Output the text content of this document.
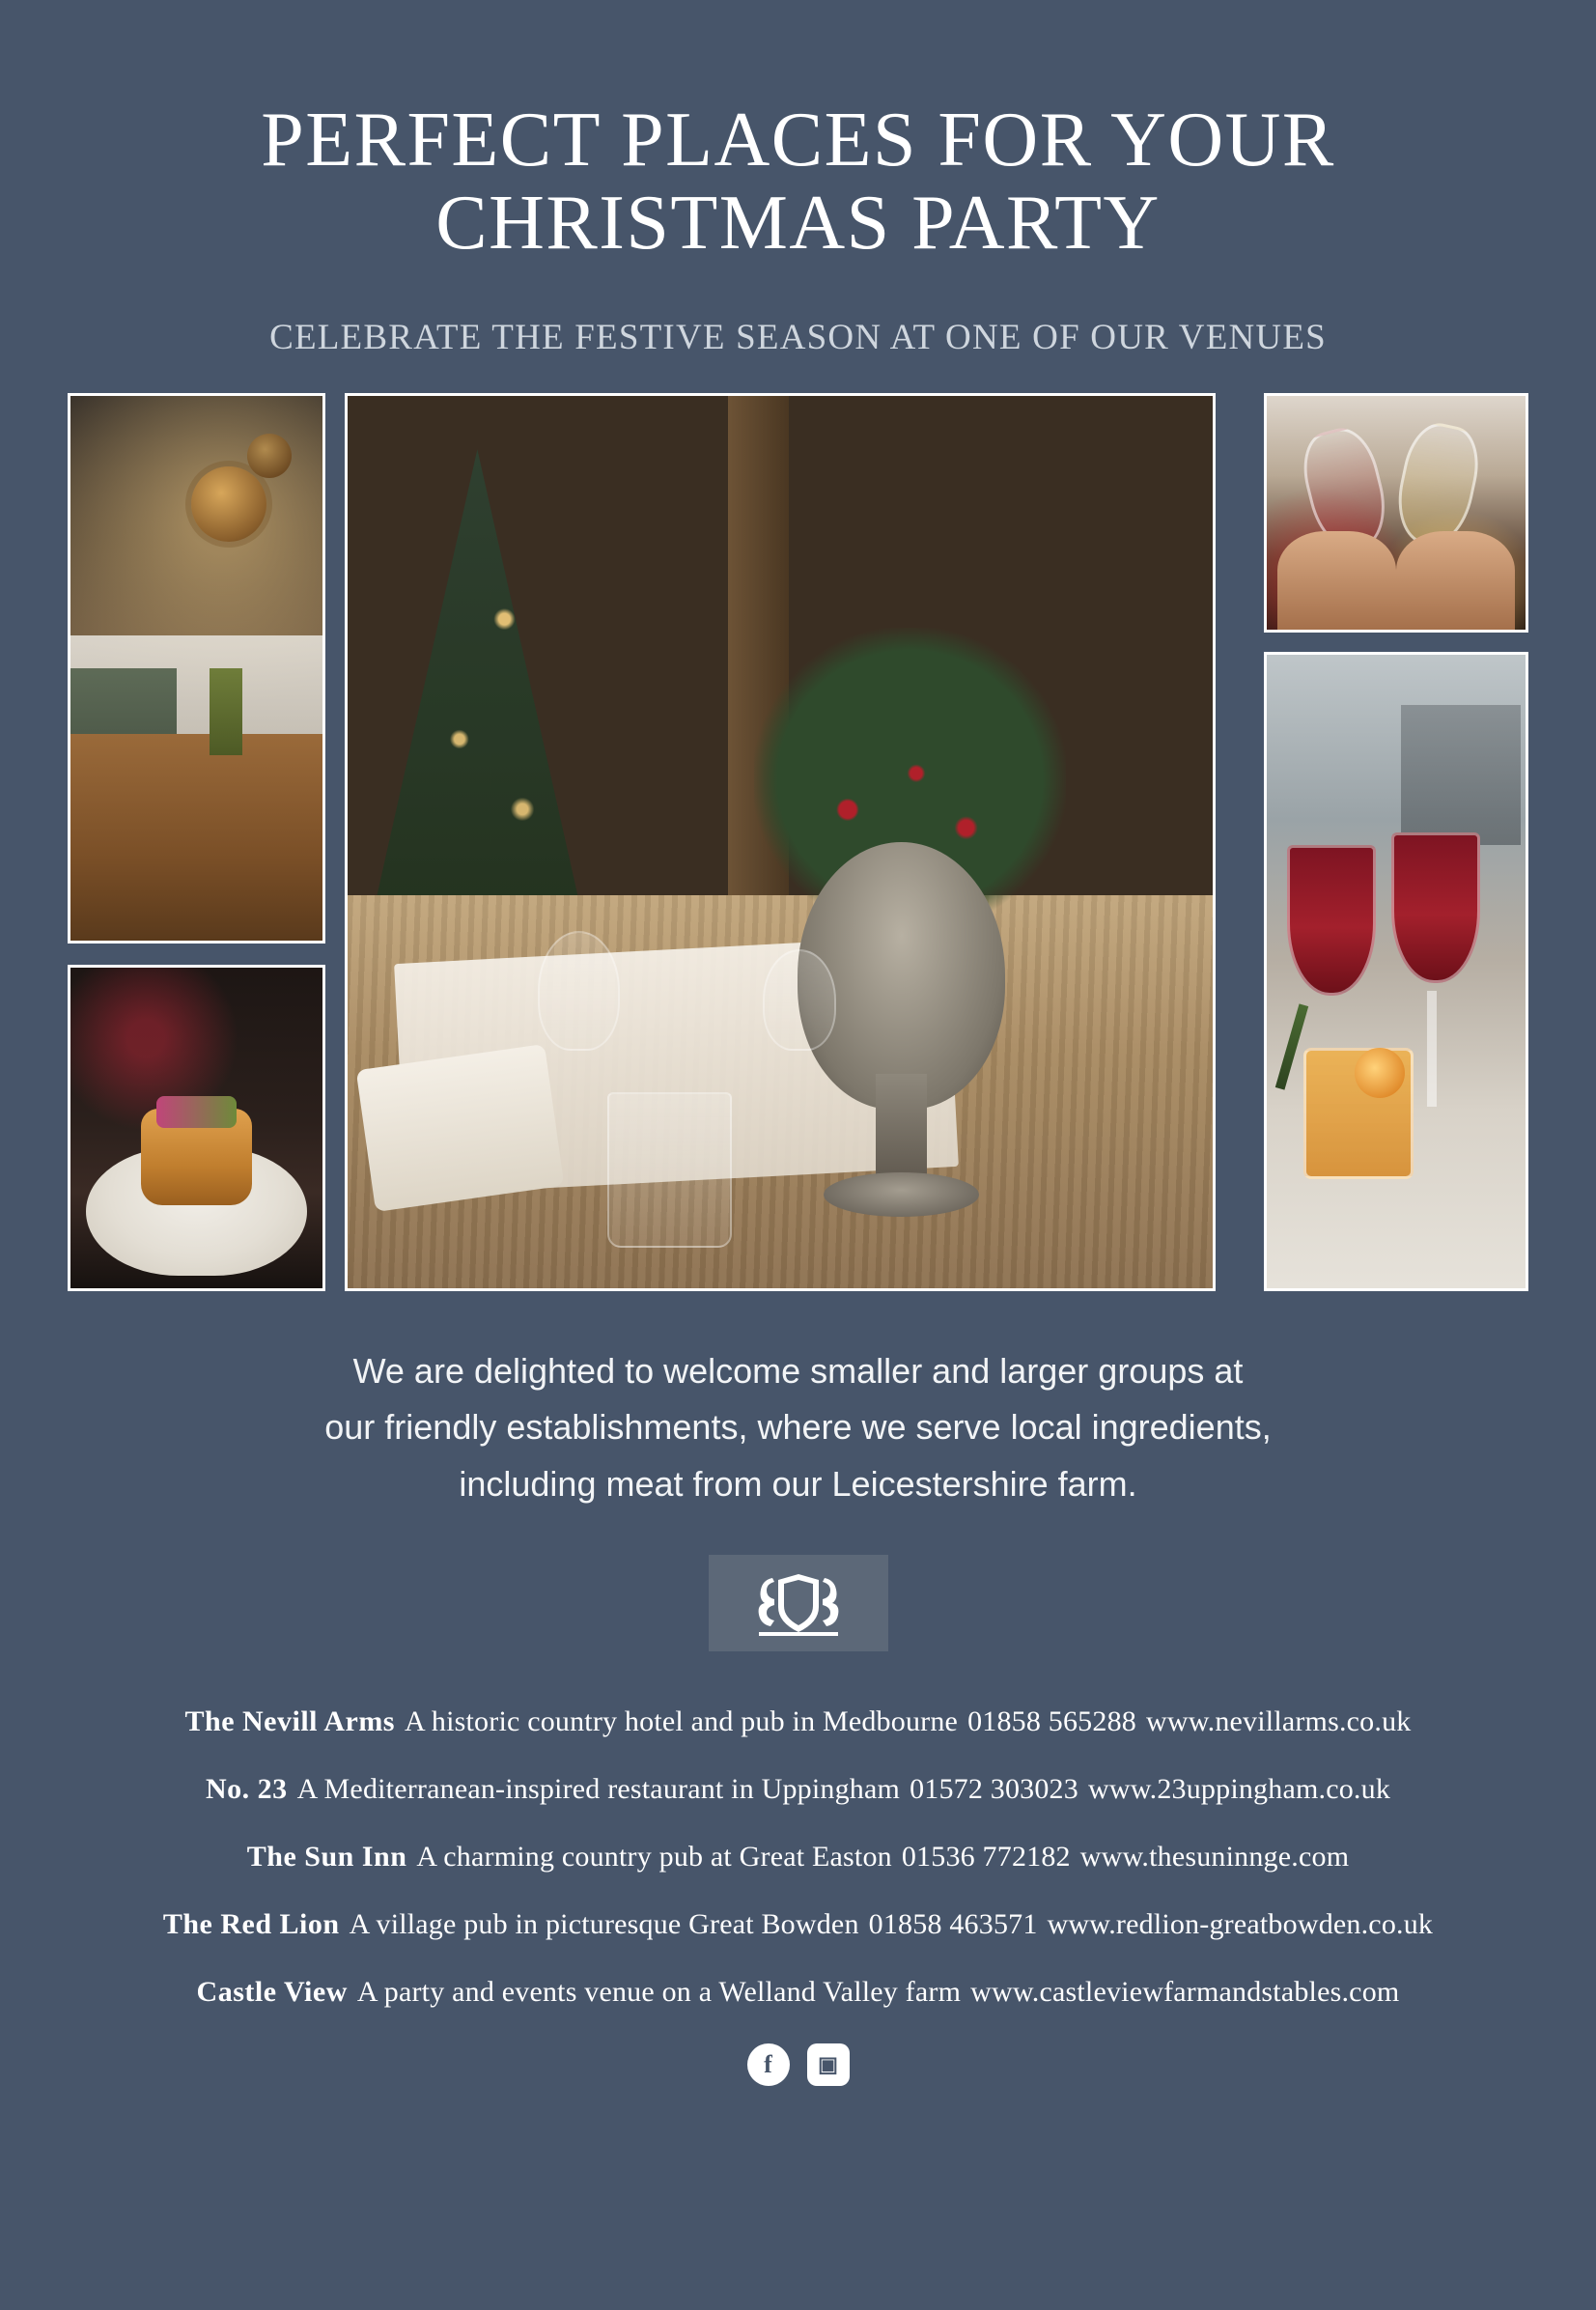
PERFECT PLACES FOR YOUR
CHRISTMAS PARTY
CELEBRATE THE FESTIVE SEASON AT ONE OF OUR VENUES

We are delighted to welcome smaller and larger groups at

our friendly establishments, where we serve local ingredients,

including meat from our Leicestershire farm.

The Nevill Arms A historic country hotel and pub in Medbourne 01858 565288 www.nevillarms.co.uk

No. 23 A Mediterranean-inspired restaurant in Uppingham 01572 303023 www.23uppingham.co.uk

The Sun Inn A charming country pub at Great Easton 01536 772182 www.thesuninnge.com

The Red Lion A village pub in picturesque Great Bowden 01858 463571 www.redlion-greatbowden.co.uk

Castle View A party and events venue on a Welland Valley farm www.castleviewfarmandstables.com

f ▣
